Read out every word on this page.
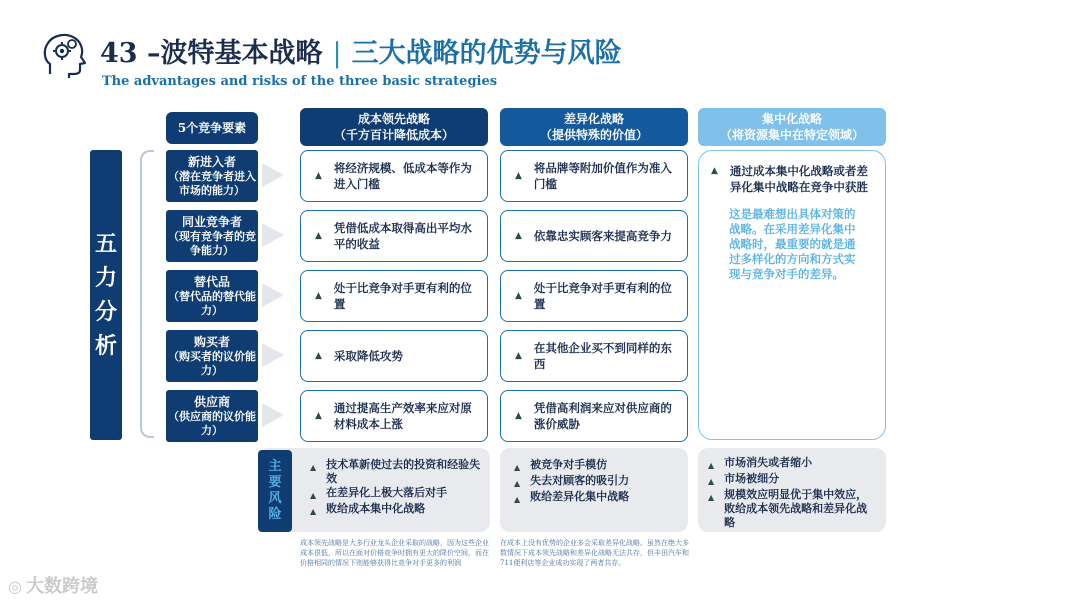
43 –波特基本战略 | 三大战略的优势与风险
The advantages and risks of the three basic strategies
5个竞争要素
成本领先战略
（千方百计降低成本）
差异化战略
（提供特殊的价值）
集中化战略
（将资源集中在特定领域）
五
力
分
析
新进入者
（潜在竞争者进入市场的能力）
同业竞争者
（现有竞争者的竞争能力）
替代品
（替代品的替代能力）
购买者
（购买者的议价能力）
供应商
（供应商的议价能力）
▲
将经济规模、低成本等作为进入门槛
▲
凭借低成本取得高出平均水平的收益
▲
处于比竞争对手更有利的位置
▲ 采取降低攻势
▲
通过提高生产效率来应对原材料成本上涨
▲
将品牌等附加价值作为准入门槛
▲ 依靠忠实顾客来提高竞争力
▲
处于比竞争对手更有利的位置
▲
在其他企业买不到同样的东西
▲
凭借高利润来应对供应商的涨价威胁
▲ 通过成本集中化战略或者差异化集中战略在竞争中获胜
这是最难想出具体对策的战略。在采用差异化集中战略时，最重要的就是通过多样化的方向和方式实现与竞争对手的差异。
主
要
风
险
▲ 技术革新使过去的投资和经验失效
▲ 在差异化上极大落后对手
▲ 败给成本集中化战略
▲ 被竞争对手模仿
▲ 失去对顾客的吸引力
▲ 败给差异化集中战略
▲ 市场消失或者缩小
▲ 市场被细分
▲ 规模效应明显优于集中效应，败给成本领先战略和差异化战略
成本领先战略是大多行业龙头企业采取的战略，因为这些企业成本很低，所以在面对价格竞争时拥有更大的降价空间，而在价格相同的情况下则能够获得比竞争对手更多的利润
在成本上没有优势的企业多会采取差异化战略。虽然在绝大多数情况下成本领先战略和差异化战略无法共存，但丰田汽车和711便利店等企业成功实现了两者共存。
◎ 大数跨境
